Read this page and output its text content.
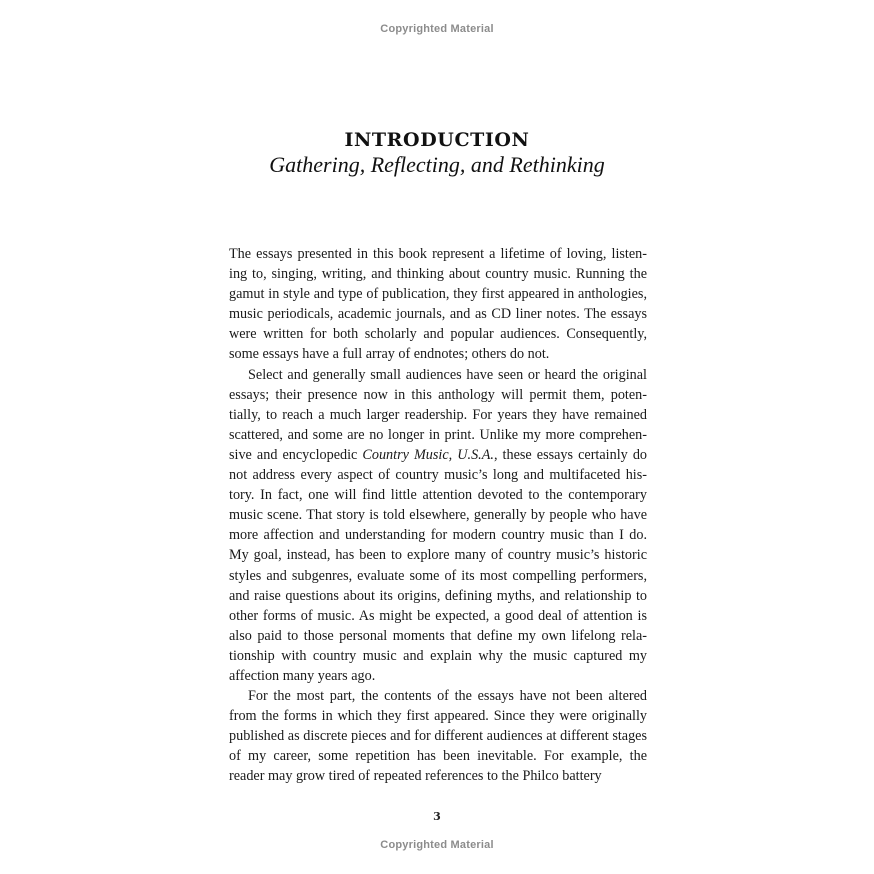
Copyrighted Material
INTRODUCTION
Gathering, Reflecting, and Rethinking

The essays presented in this book represent a lifetime of loving, listen-ing to, singing, writing, and thinking about country music. Running the gamut in style and type of publication, they first appeared in anthologies, music periodicals, academic journals, and as CD liner notes. The essays were written for both scholarly and popular audiences. Consequently, some essays have a full array of endnotes; others do not.

Select and generally small audiences have seen or heard the original essays; their presence now in this anthology will permit them, poten-tially, to reach a much larger readership. For years they have remained scattered, and some are no longer in print. Unlike my more comprehen-sive and encyclopedic Country Music, U.S.A., these essays certainly do not address every aspect of country music’s long and multifaceted his-tory. In fact, one will find little attention devoted to the contemporary music scene. That story is told elsewhere, generally by people who have more affection and understanding for modern country music than I do. My goal, instead, has been to explore many of country music’s historic styles and subgenres, evaluate some of its most compelling performers, and raise questions about its origins, defining myths, and relationship to other forms of music. As might be expected, a good deal of attention is also paid to those personal moments that define my own lifelong rela-tionship with country music and explain why the music captured my affection many years ago.

For the most part, the contents of the essays have not been altered from the forms in which they first appeared. Since they were originally published as discrete pieces and for different audiences at different stages of my career, some repetition has been inevitable. For example, the reader may grow tired of repeated references to the Philco battery

3
Copyrighted Material
